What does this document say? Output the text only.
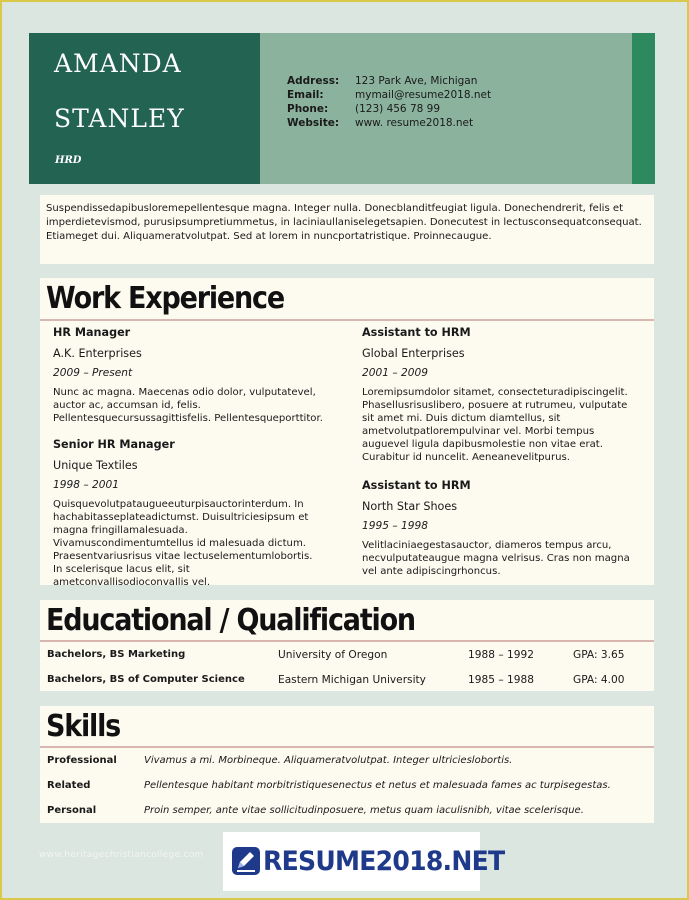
AMANDA
STANLEY
HRD
Address:	123 Park Ave, Michigan
Email:	mymail@resume2018.net
Phone:	(123) 456 78 99
Website:	www. resume2018.net
Suspendissedapibusloremepellentesque magna. Integer nulla. Donecblanditfeugiat ligula. Donechendrerit, felis et imperdietevismod, purusipsumpretiummetus, in laciniaullaniselegetsapien. Donecutest in lectusconsequatconsequat. Etiameget dui. Aliquameratvolutpat. Sed at lorem in nuncportatristique. Proinnecaugue.
Work Experience
HR Manager
A.K. Enterprises
2009 – Present
Nunc ac magna. Maecenas odio dolor, vulputatevel, auctor ac, accumsan id, felis. Pellentesquecursussagittisfelis. Pellentesqueporttitor.
Senior HR Manager
Unique Textiles
1998 – 2001
Quisquevolutpataugueeuturpisauctorinterdum. In hachabitasseplateadictumst. Duisultriciesipsum et magna fringillamalesuada. Vivamuscondimentumtellus id malesuada dictum. Praesentvariusrisus vitae lectuselementumlobortis. In scelerisque lacus elit, sit ametconvallisodioconvallis vel.
Assistant to HRM
Global Enterprises
2001 – 2009
Loremipsumdolor sitamet, consecteturadipiscingelit. Phasellusrisuslibero, posuere at rutrumeu, vulputate sit amet mi. Duis dictum diamtellus, sit ametvolutpatlorempulvinar vel. Morbi tempus auguevel ligula dapibusmolestie non vitae erat. Curabitur id nuncelit. Aeneanevelitpurus.
Assistant to HRM
North Star Shoes
1995 – 1998
Velitlaciniaegestasauctor, diameros tempus arcu, necvulputateaugue magna velrisus. Cras non magna vel ante adipiscingrhoncus.
Educational / Qualification
Bachelors, BS Marketing	University of Oregon	1988 – 1992	GPA: 3.65
Bachelors, BS of Computer Science	Eastern Michigan University	1985 – 1988	GPA: 4.00
Skills
Professional	Vivamus a mi. Morbineque. Aliquameratvolutpat. Integer ultricieslobortis.
Related	Pellentesque habitant morbitristiquesenectus et netus et malesuada fames ac turpisegestas.
Personal	Proin semper, ante vitae sollicitudinposuere, metus quam iaculisnibh, vitae scelerisque.
www.heritagechristiancollege.com RESUME2018.NET
